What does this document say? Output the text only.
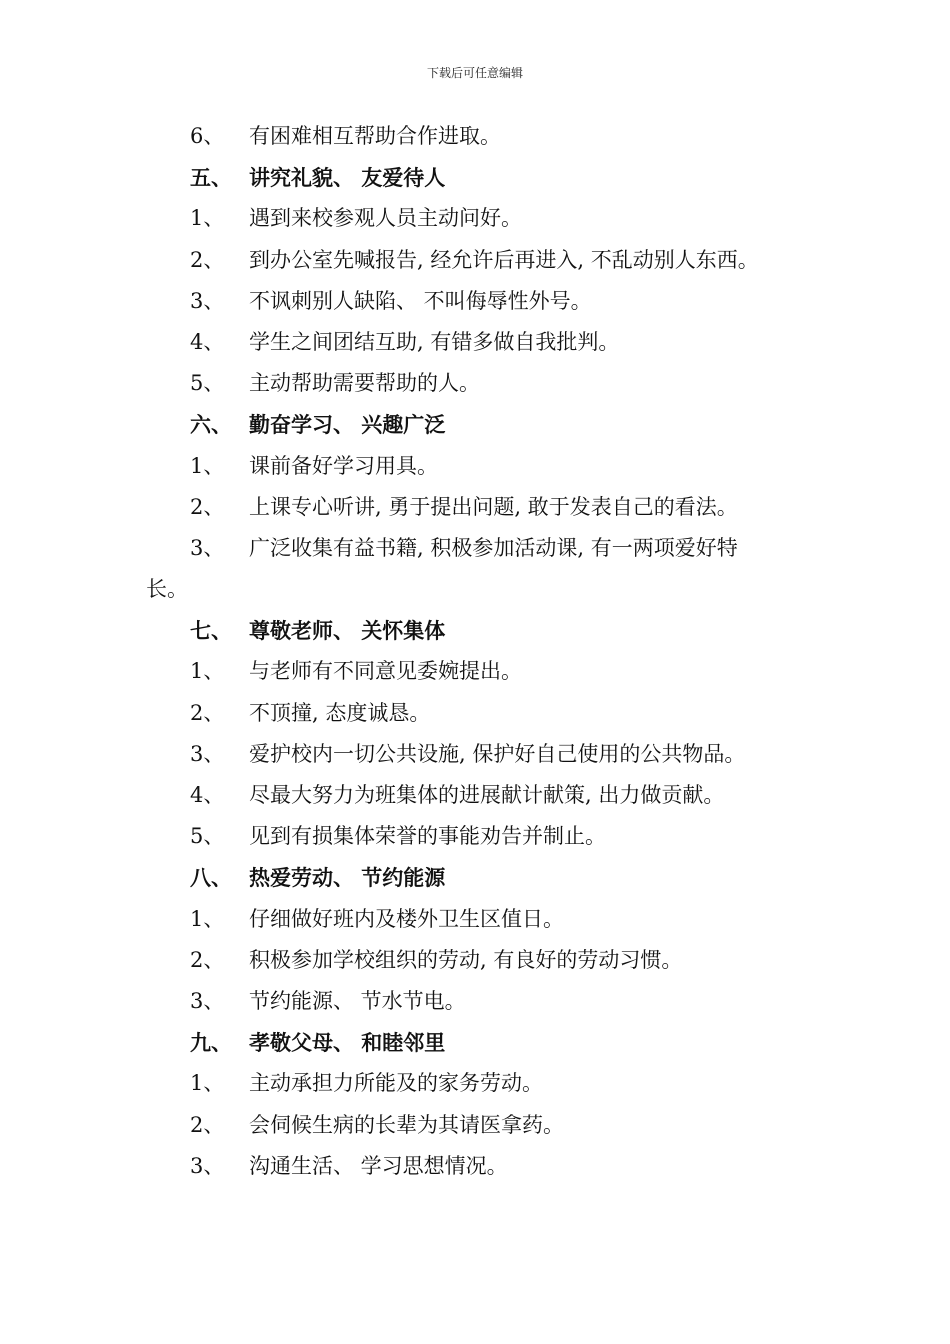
下载后可任意编辑
6、 有困难相互帮助合作进取。
五、 讲究礼貌、 友爱待人
1、 遇到来校参观人员主动问好。
2、 到办公室先喊报告, 经允许后再进入, 不乱动别人东西。
3、 不讽刺别人缺陷、 不叫侮辱性外号。
4、 学生之间团结互助, 有错多做自我批判。
5、 主动帮助需要帮助的人。
六、 勤奋学习、 兴趣广泛
1、 课前备好学习用具。
2、 上课专心听讲, 勇于提出问题, 敢于发表自己的看法。
3、 广泛收集有益书籍, 积极参加活动课, 有一两项爱好特
长。
七、 尊敬老师、 关怀集体
1、 与老师有不同意见委婉提出。
2、 不顶撞, 态度诚恳。
3、 爱护校内一切公共设施, 保护好自己使用的公共物品。
4、 尽最大努力为班集体的进展献计献策, 出力做贡献。
5、 见到有损集体荣誉的事能劝告并制止。
八、 热爱劳动、 节约能源
1、 仔细做好班内及楼外卫生区值日。
2、 积极参加学校组织的劳动, 有良好的劳动习惯。
3、 节约能源、 节水节电。
九、 孝敬父母、 和睦邻里
1、 主动承担力所能及的家务劳动。
2、 会伺候生病的长辈为其请医拿药。
3、 沟通生活、 学习思想情况。
